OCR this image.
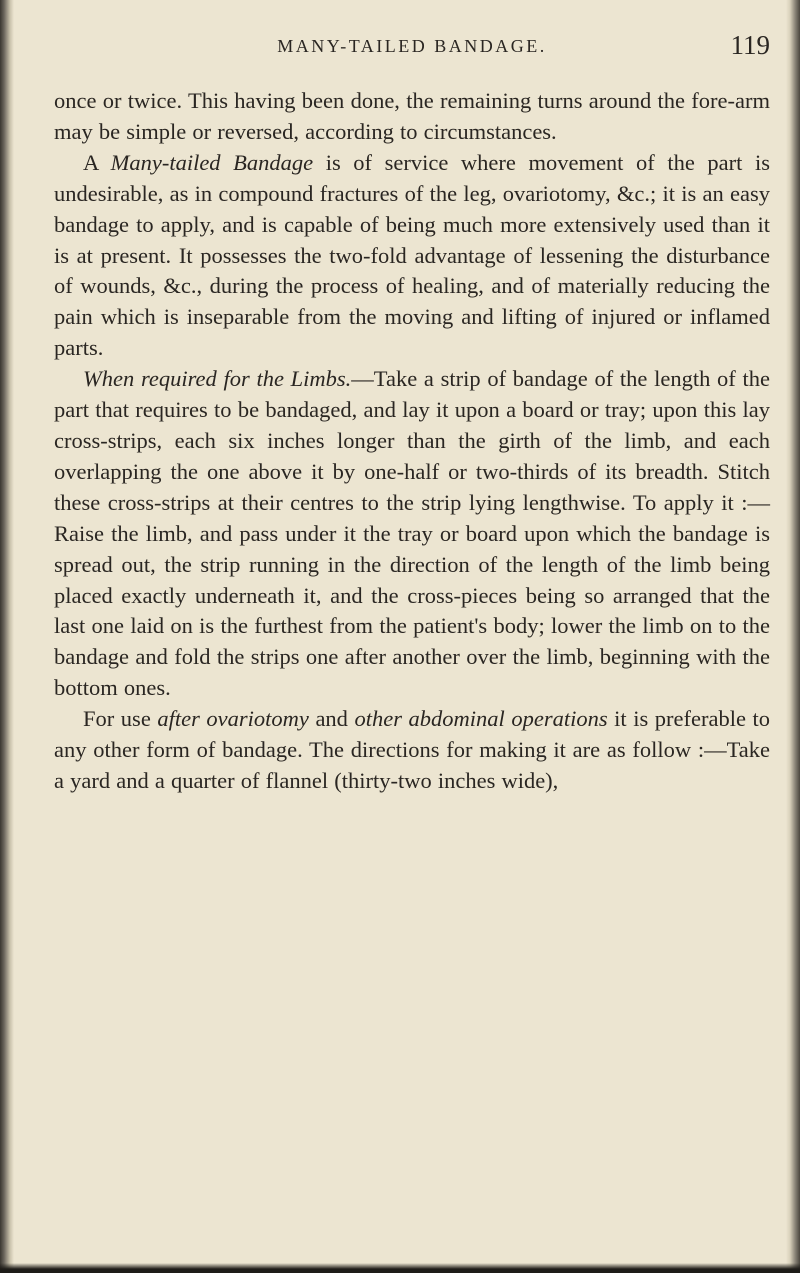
MANY-TAILED BANDAGE.	119

once or twice. This having been done, the remaining turns around the fore-arm may be simple or reversed, according to circumstances.

A Many-tailed Bandage is of service where movement of the part is undesirable, as in compound fractures of the leg, ovariotomy, &c.; it is an easy bandage to apply, and is capable of being much more extensively used than it is at present. It possesses the two-fold advantage of lessening the disturbance of wounds, &c., during the process of healing, and of materially reducing the pain which is inseparable from the moving and lifting of injured or inflamed parts.

When required for the Limbs.—Take a strip of bandage of the length of the part that requires to be bandaged, and lay it upon a board or tray; upon this lay cross-strips, each six inches longer than the girth of the limb, and each overlapping the one above it by one-half or two-thirds of its breadth. Stitch these cross-strips at their centres to the strip lying lengthwise. To apply it :—Raise the limb, and pass under it the tray or board upon which the bandage is spread out, the strip running in the direction of the length of the limb being placed exactly underneath it, and the cross-pieces being so arranged that the last one laid on is the furthest from the patient's body; lower the limb on to the bandage and fold the strips one after another over the limb, beginning with the bottom ones.

For use after ovariotomy and other abdominal operations it is preferable to any other form of bandage. The directions for making it are as follow :—Take a yard and a quarter of flannel (thirty-two inches wide),
